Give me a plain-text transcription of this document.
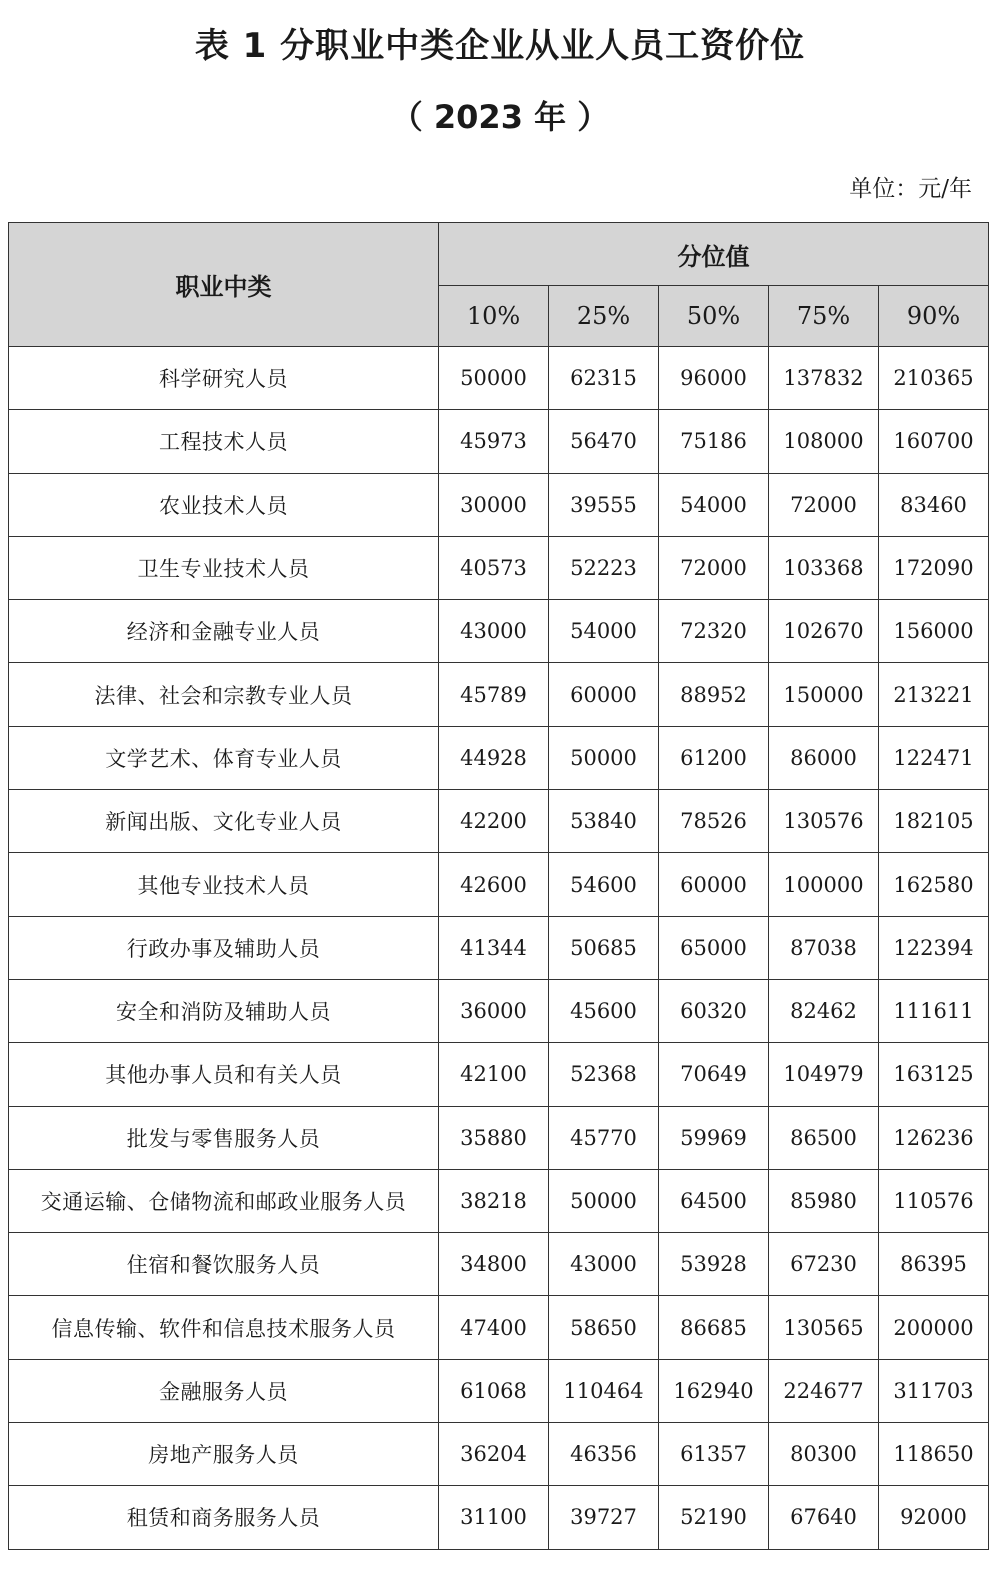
表 1 分职业中类企业从业人员工资价位
（ 2023 年 ）
单位：元/年
职业中类	分位值				
	10%	25%	50%	75%	90%
科学研究人员	50000	62315	96000	137832	210365
工程技术人员	45973	56470	75186	108000	160700
农业技术人员	30000	39555	54000	72000	83460
卫生专业技术人员	40573	52223	72000	103368	172090
经济和金融专业人员	43000	54000	72320	102670	156000
法律、社会和宗教专业人员	45789	60000	88952	150000	213221
文学艺术、体育专业人员	44928	50000	61200	86000	122471
新闻出版、文化专业人员	42200	53840	78526	130576	182105
其他专业技术人员	42600	54600	60000	100000	162580
行政办事及辅助人员	41344	50685	65000	87038	122394
安全和消防及辅助人员	36000	45600	60320	82462	111611
其他办事人员和有关人员	42100	52368	70649	104979	163125
批发与零售服务人员	35880	45770	59969	86500	126236
交通运输、仓储物流和邮政业服务人员	38218	50000	64500	85980	110576
住宿和餐饮服务人员	34800	43000	53928	67230	86395
信息传输、软件和信息技术服务人员	47400	58650	86685	130565	200000
金融服务人员	61068	110464	162940	224677	311703
房地产服务人员	36204	46356	61357	80300	118650
租赁和商务服务人员	31100	39727	52190	67640	92000
